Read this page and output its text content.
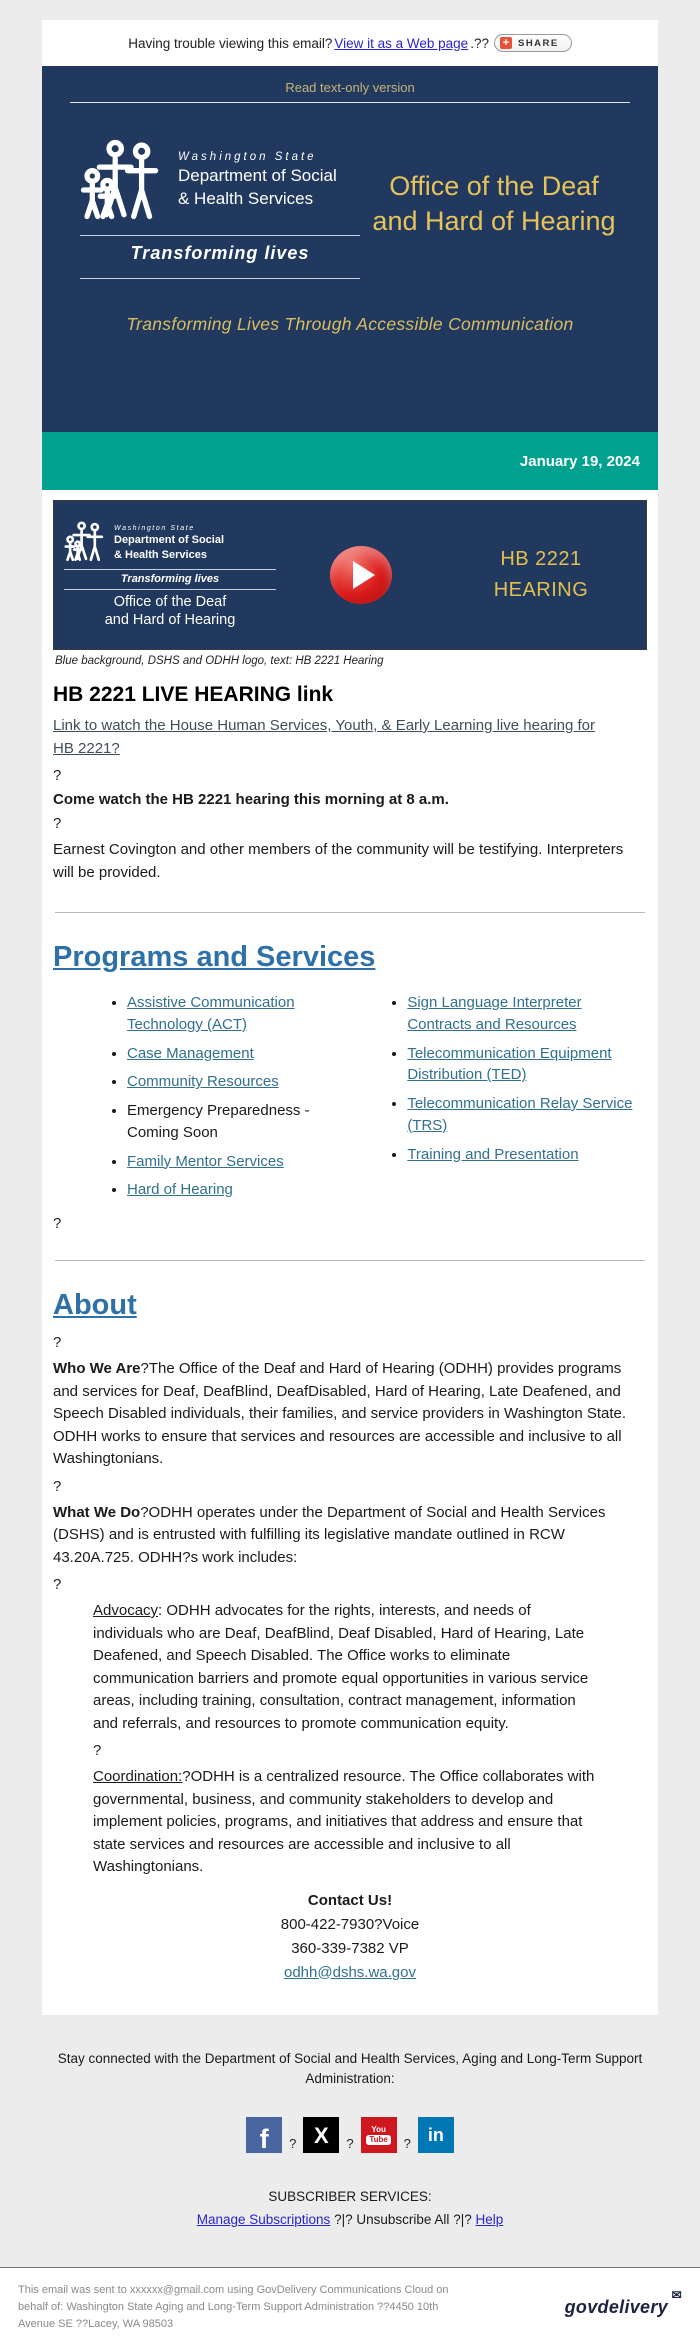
Having trouble viewing this email? View it as a Web page .?? + SHARE
Read text-only version
Washington State
Department of Social
& Health Services
Transforming lives
Office of the Deaf
and Hard of Hearing
Transforming Lives Through Accessible Communication
January 19, 2024
Washington State
Department of Social
& Health Services
Transforming lives
Office of the Deaf
and Hard of Hearing
HB 2221
HEARING
Blue background, DSHS and ODHH logo, text: HB 2221 Hearing
HB 2221 LIVE HEARING link
Link to watch the House Human Services, Youth, & Early Learning live hearing for HB 2221?
?
Come watch the HB 2221 hearing this morning at 8 a.m.
?

Earnest Covington and other members of the community will be testifying. Interpreters will be provided.

Programs and Services
• Assistive Communication Technology (ACT)
• Case Management
• Community Resources
• Emergency Preparedness - Coming Soon
• Family Mentor Services
• Hard of Hearing
• Sign Language Interpreter Contracts and Resources
• Telecommunication Equipment Distribution (TED)
• Telecommunication Relay Service (TRS)
• Training and Presentation
?
About
?

Who We Are?The Office of the Deaf and Hard of Hearing (ODHH) provides programs and services for Deaf, DeafBlind, DeafDisabled, Hard of Hearing, Late Deafened, and Speech Disabled individuals, their families, and service providers in Washington State. ODHH works to ensure that services and resources are accessible and inclusive to all Washingtonians.

?

What We Do?ODHH operates under the Department of Social and Health Services (DSHS) and is entrusted with fulfilling its legislative mandate outlined in RCW 43.20A.725. ODHH?s work includes:

?

Advocacy: ODHH advocates for the rights, interests, and needs of individuals who are Deaf, DeafBlind, Deaf Disabled, Hard of Hearing, Late Deafened, and Speech Disabled. The Office works to eliminate communication barriers and promote equal opportunities in various service areas, including training, consultation, contract management, information and referrals, and resources to promote communication equity.

?

Coordination:?ODHH is a centralized resource. The Office collaborates with governmental, business, and community stakeholders to develop and implement policies, programs, and initiatives that address and ensure that state services and resources are accessible and inclusive to all Washingtonians.

Contact Us!
800-422-7930?Voice
360-339-7382 VP
odhh@dshs.wa.gov
Stay connected with the Department of Social and Health Services, Aging and Long-Term Support Administration:
f ? X ?
You
Tube ? in
SUBSCRIBER SERVICES:
Manage Subscriptions ?|? Unsubscribe All ?|? Help
This email was sent to xxxxxx@gmail.com using GovDelivery Communications Cloud on behalf of: Washington State Aging and Long-Term Support Administration ??4450 10th Avenue SE ??Lacey, WA 98503
govdelivery
✉
